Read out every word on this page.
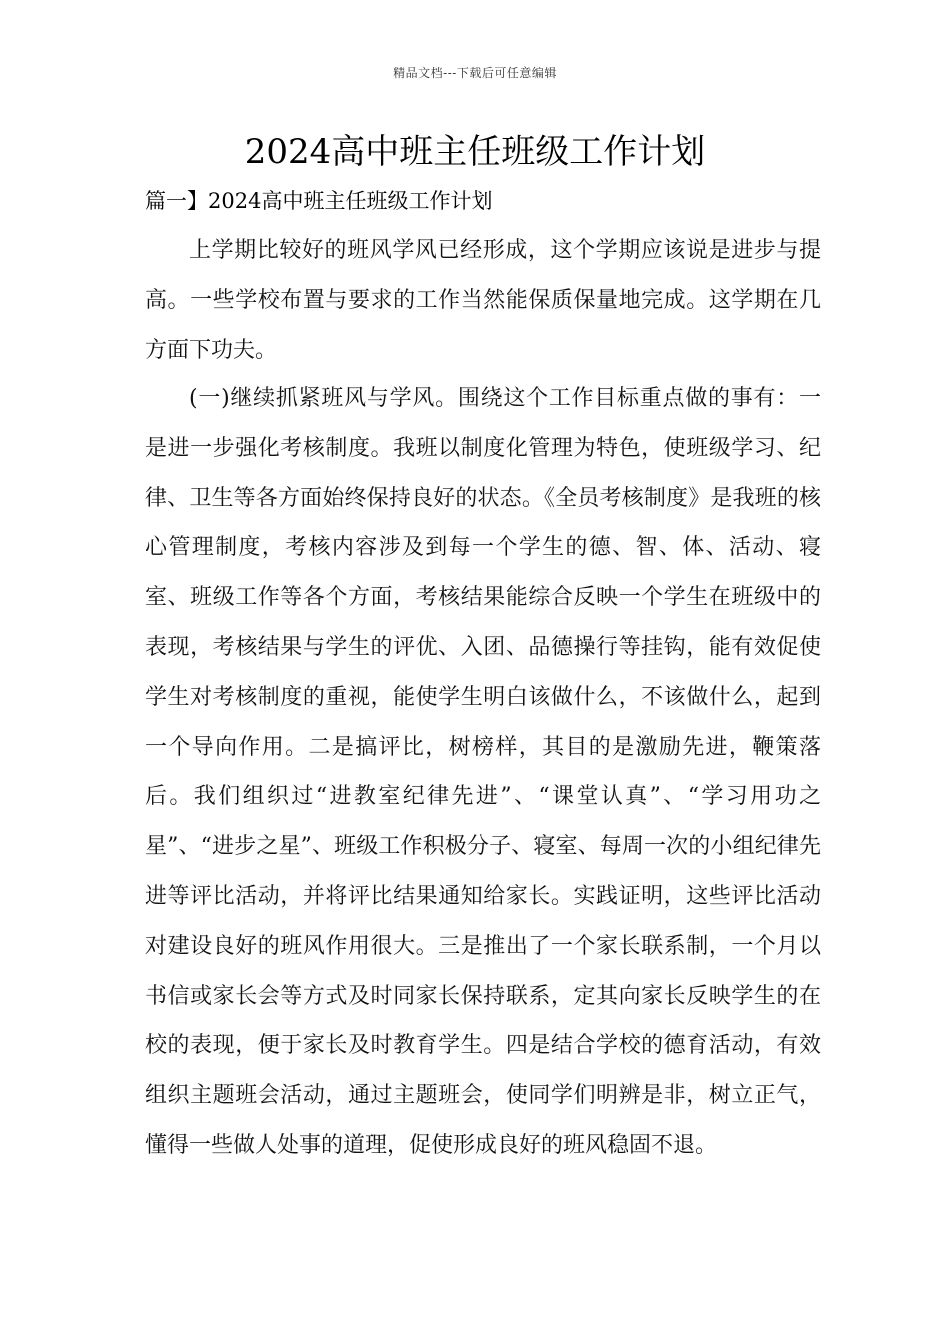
精品文档---下载后可任意编辑
2024高中班主任班级工作计划
篇一】2024高中班主任班级工作计划

上学期比较好的班风学风已经形成，这个学期应该说是进步与提高。一些学校布置与要求的工作当然能保质保量地完成。这学期在几方面下功夫。

(一)继续抓紧班风与学风。围绕这个工作目标重点做的事有：一是进一步强化考核制度。我班以制度化管理为特色，使班级学习、纪律、卫生等各方面始终保持良好的状态。《全员考核制度》是我班的核心管理制度，考核内容涉及到每一个学生的德、智、体、活动、寝室、班级工作等各个方面，考核结果能综合反映一个学生在班级中的表现，考核结果与学生的评优、入团、品德操行等挂钩，能有效促使学生对考核制度的重视，能使学生明白该做什么，不该做什么，起到一个导向作用。二是搞评比，树榜样，其目的是激励先进，鞭策落后。我们组织过“进教室纪律先进”、“课堂认真”、“学习用功之星”、“进步之星”、班级工作积极分子、寝室、每周一次的小组纪律先进等评比活动，并将评比结果通知给家长。实践证明，这些评比活动对建设良好的班风作用很大。三是推出了一个家长联系制，一个月以书信或家长会等方式及时同家长保持联系，定其向家长反映学生的在校的表现，便于家长及时教育学生。四是结合学校的德育活动，有效组织主题班会活动，通过主题班会，使同学们明辨是非，树立正气，懂得一些做人处事的道理，促使形成良好的班风稳固不退。
